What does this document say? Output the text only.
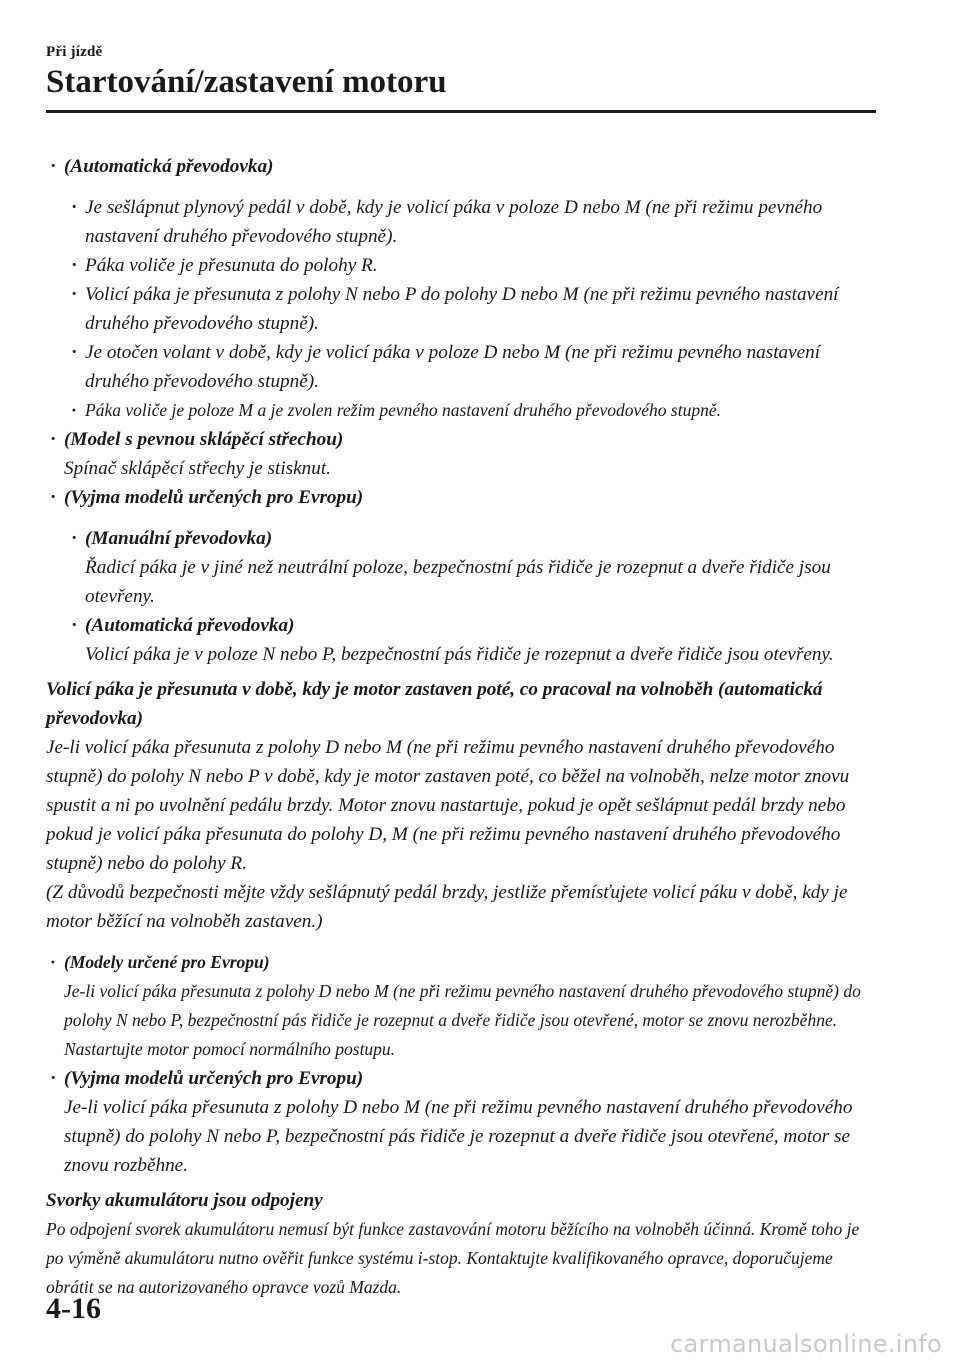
Při jízdě
Startování/zastavení motoru
· (Automatická převodovka)
· Je sešlápnut plynový pedál v době, kdy je volicí páka v poloze D nebo M (ne při režimu pevného nastavení druhého převodového stupně).
· Páka voliče je přesunuta do polohy R.
· Volicí páka je přesunuta z polohy N nebo P do polohy D nebo M (ne při režimu pevného nastavení druhého převodového stupně).
· Je otočen volant v době, kdy je volicí páka v poloze D nebo M (ne při režimu pevného nastavení druhého převodového stupně).
· Páka voliče je poloze M a je zvolen režim pevného nastavení druhého převodového stupně.
· (Model s pevnou sklápěcí střechou)
Spínač sklápěcí střechy je stisknut.
· (Vyjma modelů určených pro Evropu)
· (Manuální převodovka)
Řadicí páka je v jiné než neutrální poloze, bezpečnostní pás řidiče je rozepnut a dveře řidiče jsou otevřeny.
· (Automatická převodovka)
Volicí páka je v poloze N nebo P, bezpečnostní pás řidiče je rozepnut a dveře řidiče jsou otevřeny.

Volicí páka je přesunuta v době, kdy je motor zastaven poté, co pracoval na volnoběh (automatická převodovka)

Je-li volicí páka přesunuta z polohy D nebo M (ne při režimu pevného nastavení druhého převodového stupně) do polohy N nebo P v době, kdy je motor zastaven poté, co běžel na volnoběh, nelze motor znovu spustit a ni po uvolnění pedálu brzdy. Motor znovu nastartuje, pokud je opět sešlápnut pedál brzdy nebo pokud je volicí páka přesunuta do polohy D, M (ne při režimu pevného nastavení druhého převodového stupně) nebo do polohy R.

(Z důvodů bezpečnosti mějte vždy sešlápnutý pedál brzdy, jestliže přemísťujete volicí páku v době, kdy je motor běžící na volnoběh zastaven.)

· (Modely určené pro Evropu)
Je-li volicí páka přesunuta z polohy D nebo M (ne při režimu pevného nastavení druhého převodového stupně) do polohy N nebo P, bezpečnostní pás řidiče je rozepnut a dveře řidiče jsou otevřené, motor se znovu nerozběhne. Nastartujte motor pomocí normálního postupu.
· (Vyjma modelů určených pro Evropu)
Je-li volicí páka přesunuta z polohy D nebo M (ne při režimu pevného nastavení druhého převodového stupně) do polohy N nebo P, bezpečnostní pás řidiče je rozepnut a dveře řidiče jsou otevřené, motor se znovu rozběhne.

Svorky akumulátoru jsou odpojeny

Po odpojení svorek akumulátoru nemusí být funkce zastavování motoru běžícího na volnoběh účinná. Kromě toho je po výměně akumulátoru nutno ověřit funkce systému i-stop. Kontaktujte kvalifikovaného opravce, doporučujeme obrátit se na autorizovaného opravce vozů Mazda.

4-16
carmanualsonline.info
